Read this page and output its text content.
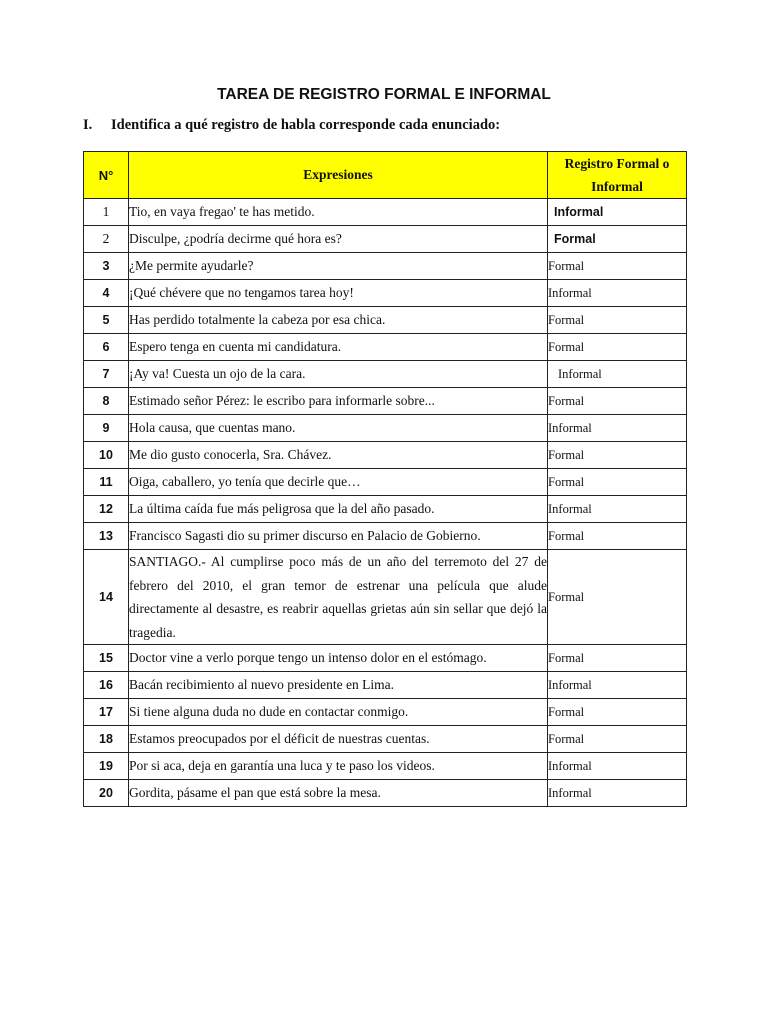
TAREA DE REGISTRO FORMAL E INFORMAL
I. Identifica a qué registro de habla corresponde cada enunciado:
N°	Expresiones	Registro Formal o Informal
1	Tio, en vaya fregao' te has metido.	Informal
2	Disculpe, ¿podría decirme qué hora es?	Formal
3	¿Me permite ayudarle?	Formal
4	¡Qué chévere que no tengamos tarea hoy!	Informal
5	Has perdido totalmente la cabeza por esa chica.	Formal
6	Espero tenga en cuenta mi candidatura.	Formal
7	¡Ay va! Cuesta un ojo de la cara.	Informal
8	Estimado señor Pérez: le escribo para informarle sobre...	Formal
9	Hola causa, que cuentas mano.	Informal
10	Me dio gusto conocerla, Sra. Chávez.	Formal
11	Oiga, caballero, yo tenía que decirle que…	Formal
12	La última caída fue más peligrosa que la del año pasado.	Informal
13	Francisco Sagasti dio su primer discurso en Palacio de Gobierno.	Formal
14	SANTIAGO.- Al cumplirse poco más de un año del terremoto del 27 de febrero del 2010, el gran temor de estrenar una película que alude directamente al desastre, es reabrir aquellas grietas aún sin sellar que dejó la tragedia.	Formal
15	Doctor vine a verlo porque tengo un intenso dolor en el estómago.	Formal
16	Bacán recibimiento al nuevo presidente en Lima.	Informal
17	Si tiene alguna duda no dude en contactar conmigo.	Formal
18	Estamos preocupados por el déficit de nuestras cuentas.	Formal
19	Por si aca, deja en garantía una luca y te paso los videos.	Informal
20	Gordita, pásame el pan que está sobre la mesa.	Informal
